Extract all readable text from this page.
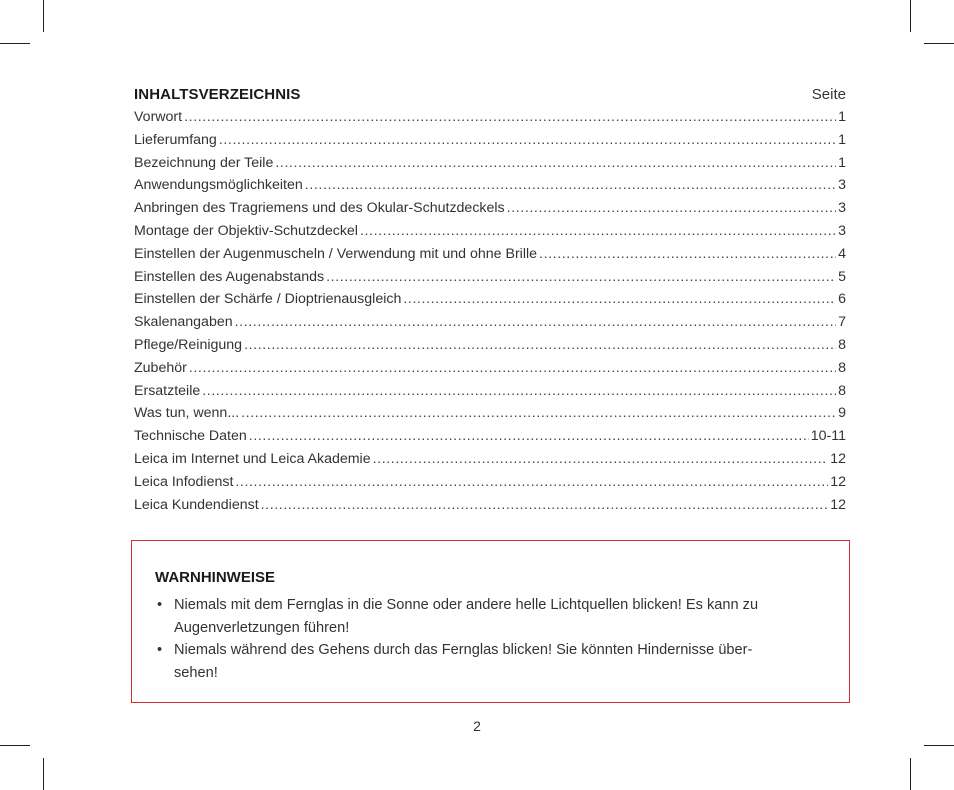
INHALTSVERZEICHNIS	Seite
Vorwort .....	1
Lieferumfang .....	1
Bezeichnung der Teile .....	1
Anwendungsmöglichkeiten .....	3
Anbringen des Tragriemens und des Okular-Schutzdeckels .....	3
Montage der Objektiv-Schutzdeckel .....	3
Einstellen der Augenmuscheln / Verwendung mit und ohne Brille .....	4
Einstellen des Augenabstands .....	5
Einstellen der Schärfe / Dioptrienausgleich .....	6
Skalenangaben .....	7
Pflege/Reinigung .....	8
Zubehör .....	8
Ersatzteile .....	8
Was tun, wenn... .....	9
Technische Daten .....	10-11
Leica im Internet und Leica Akademie .....	12
Leica Infodienst .....	12
Leica Kundendienst .....	12
WARNHINWEISE
• Niemals mit dem Fernglas in die Sonne oder andere helle Lichtquellen blicken! Es kann zu
Augenverletzungen führen!
• Niemals während des Gehens durch das Fernglas blicken! Sie könnten Hindernisse über-
sehen!
2
